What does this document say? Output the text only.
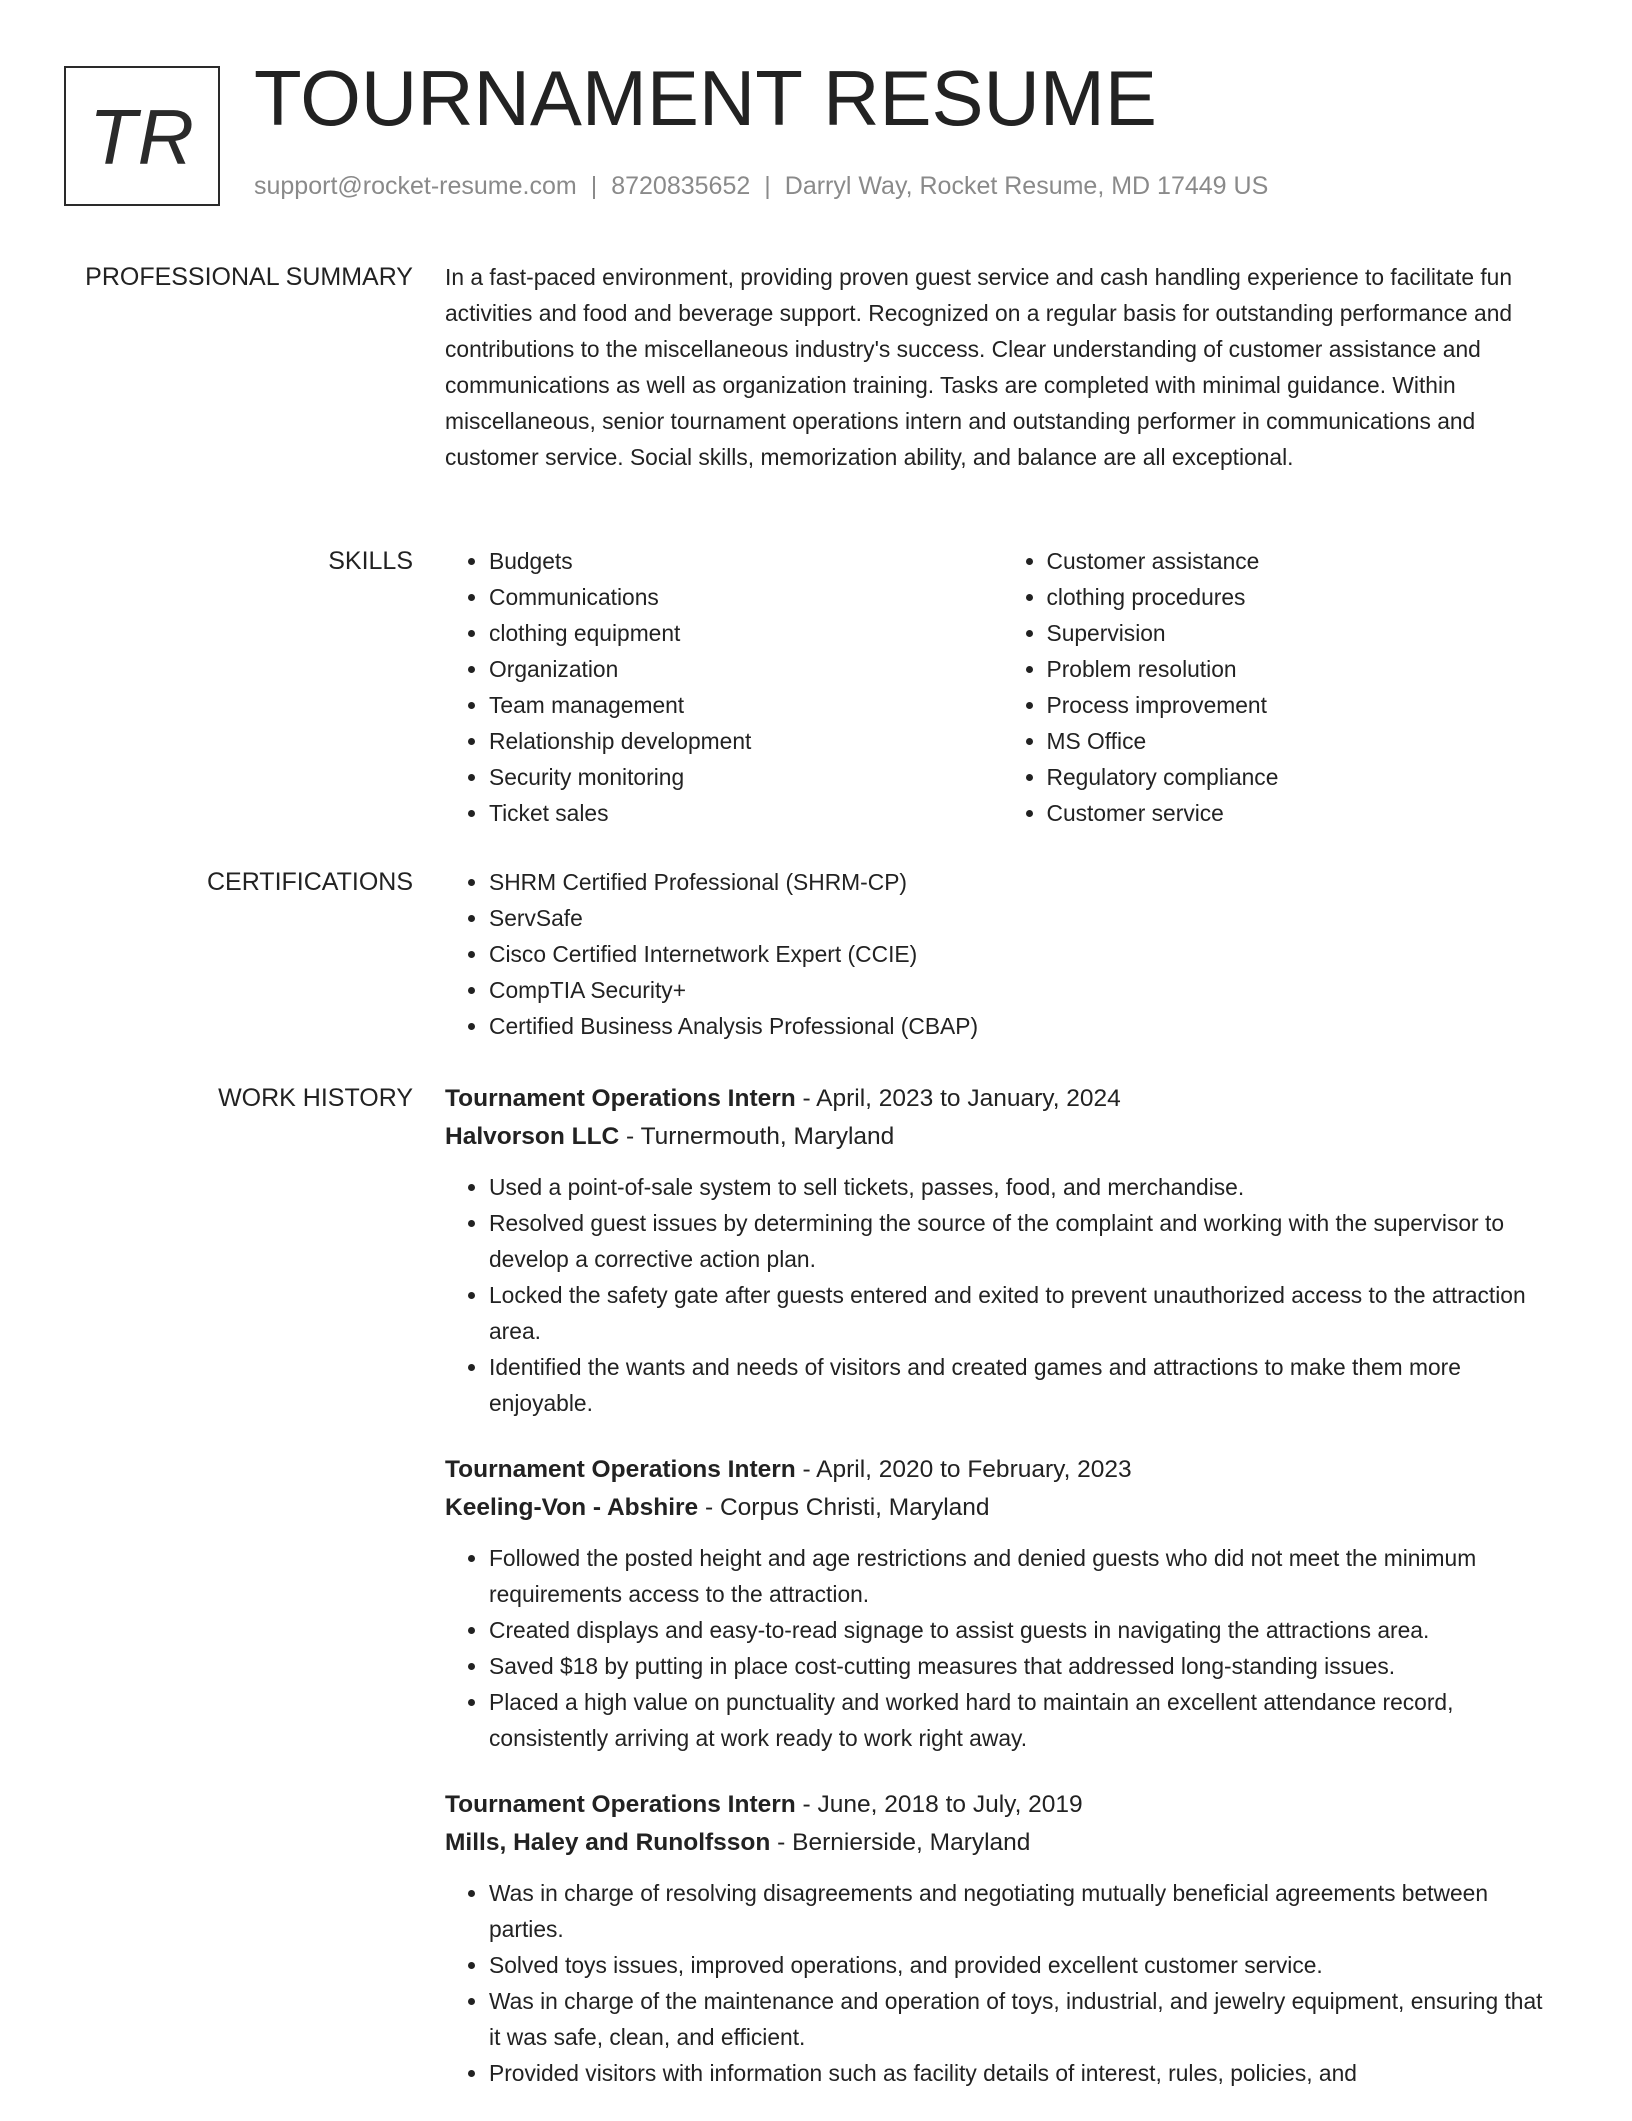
TR TOURNAMENT RESUME
support@rocket-resume.com | 8720835652 | Darryl Way, Rocket Resume, MD 17449 US
PROFESSIONAL SUMMARY In a fast-paced environment, providing proven guest service and cash handling experience to facilitate fun activities and food and beverage support. Recognized on a regular basis for outstanding performance and contributions to the miscellaneous industry's success. Clear understanding of customer assistance and communications as well as organization training. Tasks are completed with minimal guidance. Within miscellaneous, senior tournament operations intern and outstanding performer in communications and customer service. Social skills, memorization ability, and balance are all exceptional.

SKILLS	• Budgets
• Communications
• clothing equipment
• Organization
• Team management
• Relationship development
• Security monitoring
• Ticket sales
• Customer assistance
• clothing procedures
• Supervision
• Problem resolution
• Process improvement
• MS Office
• Regulatory compliance
• Customer service
CERTIFICATIONS	• SHRM Certified Professional (SHRM-CP)
• ServSafe
• Cisco Certified Internetwork Expert (CCIE)
• CompTIA Security+
• Certified Business Analysis Professional (CBAP)
WORK HISTORY Tournament Operations Intern - April, 2023 to January, 2024
Halvorson LLC - Turnermouth, Maryland
• Used a point-of-sale system to sell tickets, passes, food, and merchandise.
• Resolved guest issues by determining the source of the complaint and working with the supervisor to develop a corrective action plan.
• Locked the safety gate after guests entered and exited to prevent unauthorized access to the attraction area.
• Identified the wants and needs of visitors and created games and attractions to make them more enjoyable.
Tournament Operations Intern - April, 2020 to February, 2023
Keeling-Von - Abshire - Corpus Christi, Maryland
• Followed the posted height and age restrictions and denied guests who did not meet the minimum requirements access to the attraction.
• Created displays and easy-to-read signage to assist guests in navigating the attractions area.
• Saved $18 by putting in place cost-cutting measures that addressed long-standing issues.
• Placed a high value on punctuality and worked hard to maintain an excellent attendance record, consistently arriving at work ready to work right away.
Tournament Operations Intern - June, 2018 to July, 2019
Mills, Haley and Runolfsson - Bernierside, Maryland
• Was in charge of resolving disagreements and negotiating mutually beneficial agreements between parties.
• Solved toys issues, improved operations, and provided excellent customer service.
• Was in charge of the maintenance and operation of toys, industrial, and jewelry equipment, ensuring that it was safe, clean, and efficient.
• Provided visitors with information such as facility details of interest, rules, policies, and
